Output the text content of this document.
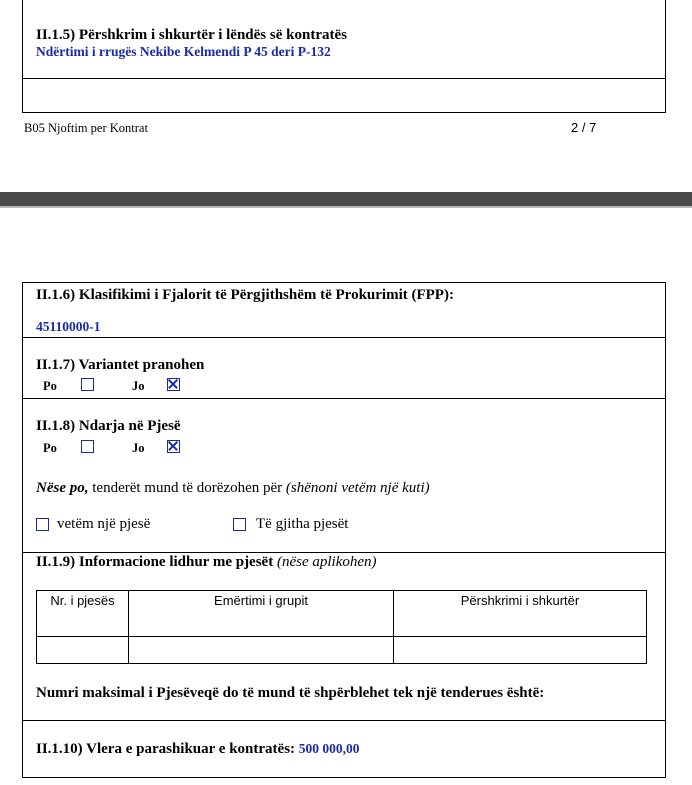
II.1.5) Përshkrim i shkurtër i lëndës së kontratës
Ndërtimi i rrugës Nekibe Kelmendi P 45 deri P-132
B05 Njoftim per Kontrat	2 / 7
II.1.6) Klasifikimi i Fjalorit të Përgjithshëm të Prokurimit (FPP):
45110000-1
II.1.7) Variantet pranohen
Po	Jo
II.1.8) Ndarja në Pjesë
Po	Jo
Nëse po, tenderët mund të dorëzohen për (shënoni vetëm një kuti)
vetëm një pjesë	Të gjitha pjesët
II.1.9) Informacione lidhur me pjesët (nëse aplikohen)
Nr. i pjesës	Emërtimi i grupit	Përshkrimi i shkurtër

Numri maksimal i Pjesëveqë do të mund të shpërblehet tek një tenderues është:
II.1.10) Vlera e parashikuar e kontratës: 500 000,00
